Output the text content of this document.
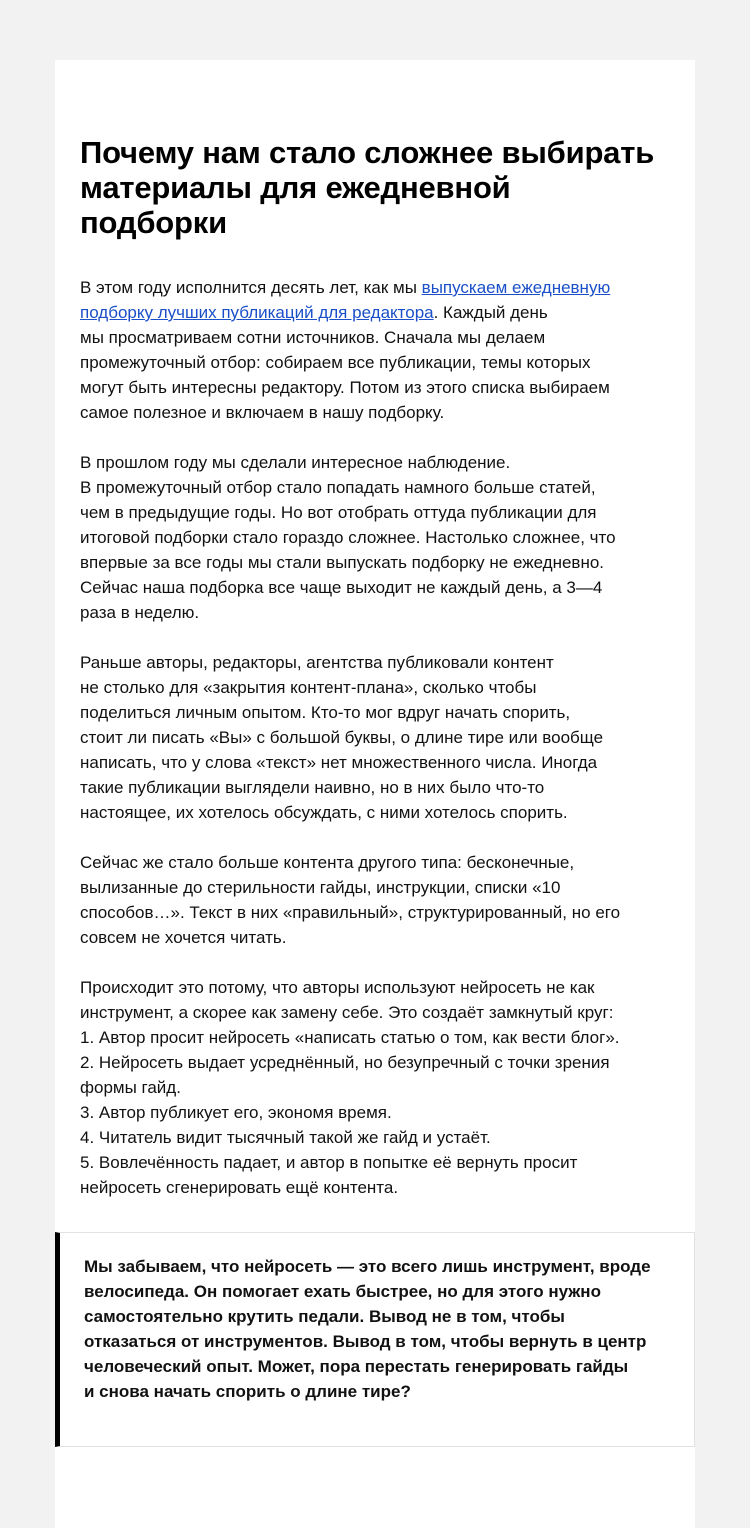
Почему нам стало сложнее выбирать
материалы для ежедневной
подборки

В этом году исполнится десять лет, как мы выпускаем ежедневную
подборку лучших публикаций для редактора. Каждый день
мы просматриваем сотни источников. Сначала мы делаем
промежуточный отбор: собираем все публикации, темы которых
могут быть интересны редактору. Потом из этого списка выбираем
самое полезное и включаем в нашу подборку.

В прошлом году мы сделали интересное наблюдение.
В промежуточный отбор стало попадать намного больше статей,
чем в предыдущие годы. Но вот отобрать оттуда публикации для
итоговой подборки стало гораздо сложнее. Настолько сложнее, что
впервые за все годы мы стали выпускать подборку не ежедневно.
Сейчас наша подборка все чаще выходит не каждый день, а 3—4
раза в неделю.

Раньше авторы, редакторы, агентства публиковали контент
не столько для «закрытия контент-плана», сколько чтобы
поделиться личным опытом. Кто-то мог вдруг начать спорить,
стоит ли писать «Вы» с большой буквы, о длине тире или вообще
написать, что у слова «текст» нет множественного числа. Иногда
такие публикации выглядели наивно, но в них было что-то
настоящее, их хотелось обсуждать, с ними хотелось спорить.

Сейчас же стало больше контента другого типа: бесконечные,
вылизанные до стерильности гайды, инструкции, списки «10
способов…». Текст в них «правильный», структурированный, но его
совсем не хочется читать.

Происходит это потому, что авторы используют нейросеть не как
инструмент, а скорее как замену себе. Это создаёт замкнутый круг:
1. Автор просит нейросеть «написать статью о том, как вести блог».
2. Нейросеть выдает усреднённый, но безупречный с точки зрения
формы гайд.
3. Автор публикует его, экономя время.
4. Читатель видит тысячный такой же гайд и устаёт.
5. Вовлечённость падает, и автор в попытке её вернуть просит
нейросеть сгенерировать ещё контента.

Мы забываем, что нейросеть — это всего лишь инструмент, вроде
велосипеда. Он помогает ехать быстрее, но для этого нужно
самостоятельно крутить педали. Вывод не в том, чтобы
отказаться от инструментов. Вывод в том, чтобы вернуть в центр
человеческий опыт. Может, пора перестать генерировать гайды
и снова начать спорить о длине тире?
